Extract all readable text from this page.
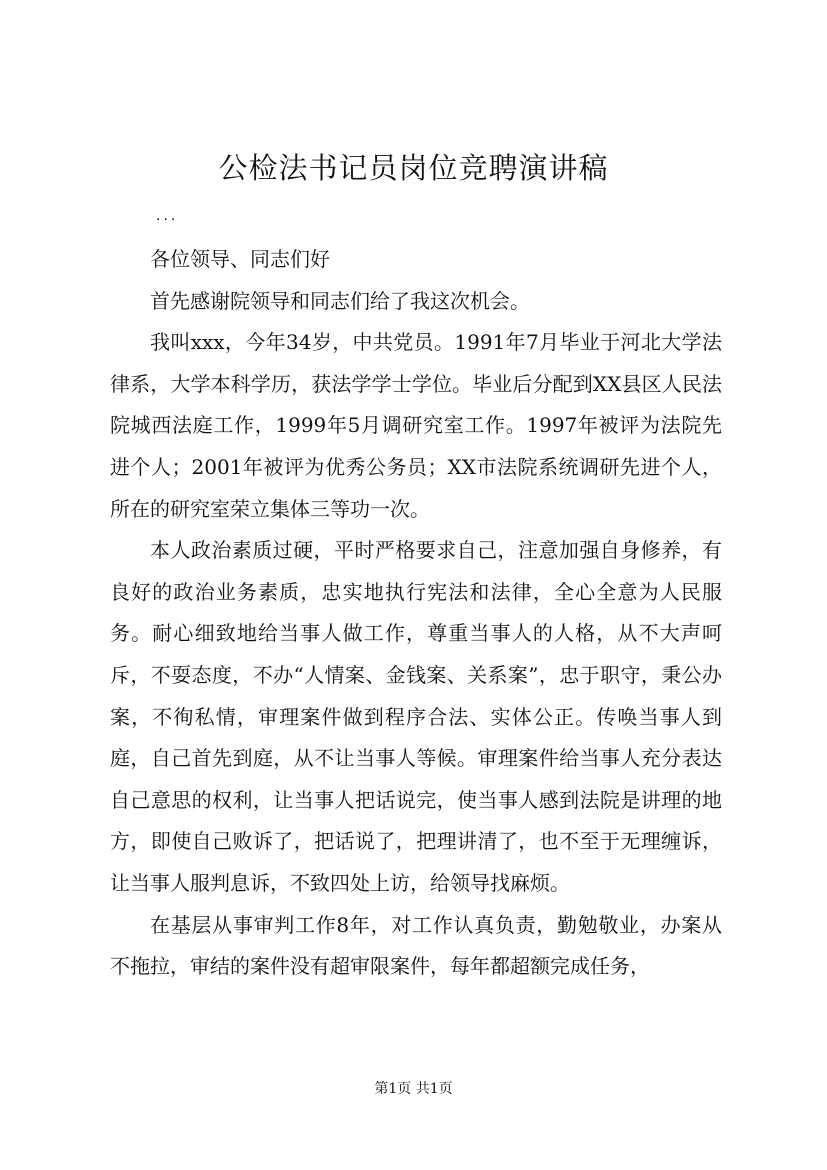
公检法书记员岗位竞聘演讲稿
...

各位领导、同志们好

首先感谢院领导和同志们给了我这次机会。

我叫xxx，今年34岁，中共党员。1991年7月毕业于河北大学法律系，大学本科学历，获法学学士学位。毕业后分配到XX县区人民法院城西法庭工作，1999年5月调研究室工作。1997年被评为法院先进个人；2001年被评为优秀公务员；XX市法院系统调研先进个人，所在的研究室荣立集体三等功一次。

本人政治素质过硬，平时严格要求自己，注意加强自身修养，有良好的政治业务素质，忠实地执行宪法和法律，全心全意为人民服务。耐心细致地给当事人做工作，尊重当事人的人格，从不大声呵斥，不耍态度，不办“人情案、金钱案、关系案”，忠于职守，秉公办案，不徇私情，审理案件做到程序合法、实体公正。传唤当事人到庭，自己首先到庭，从不让当事人等候。审理案件给当事人充分表达自己意思的权利，让当事人把话说完，使当事人感到法院是讲理的地方，即使自己败诉了，把话说了，把理讲清了，也不至于无理缠诉，让当事人服判息诉，不致四处上访，给领导找麻烦。

在基层从事审判工作8年，对工作认真负责，勤勉敬业，办案从不拖拉，审结的案件没有超审限案件，每年都超额完成任务，

第1页 共1页
